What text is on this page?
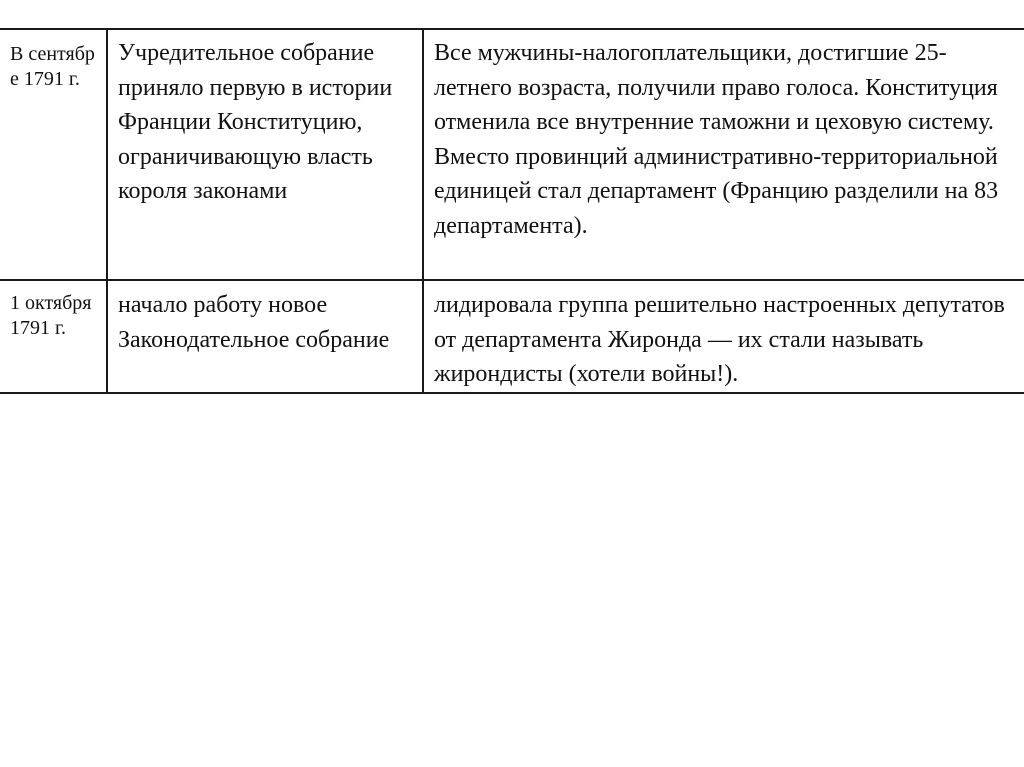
В сентябре 1791 г.	Учредительное собрание приняло первую в истории Франции Конституцию, ограничивающую власть короля законами	Все мужчины-налогоплательщики, достигшие 25-летнего возраста, получили право голоса. Конституция отменила все внутренние таможни и цеховую систему. Вместо провинций административно-территориальной единицей стал департамент (Францию разделили на 83 департамента).

1 октября 1791 г.	начало работу новое Законодательное собрание	лидировала группа решительно настроенных депутатов от департамента Жиронда — их стали называть жирондисты (хотели войны!).
